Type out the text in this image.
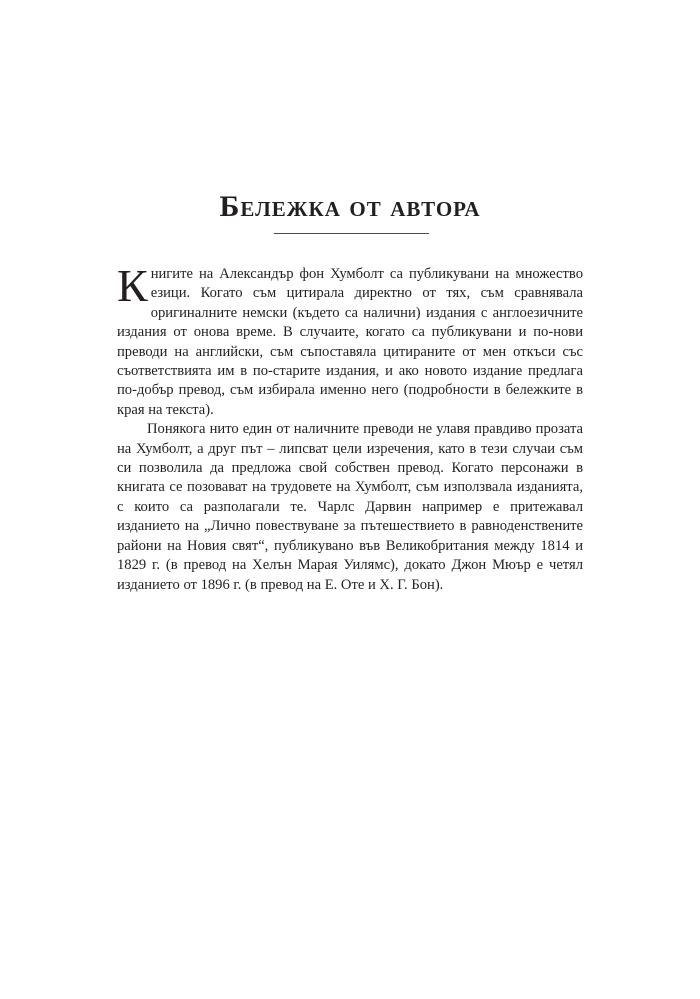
Бележка от автора

Книгите на Александър фон Хумболт са публикувани на множество езици. Когато съм цитирала директно от тях, съм сравнявала оригиналните немски (където са налични) издания с англоезичните издания от онова време. В случаите, когато са публикувани и по-нови преводи на английски, съм съпоставяла цитираните от мен откъси със съответствията им в по-старите издания, и ако новото издание предлага по-добър превод, съм избирала именно него (подробности в бележките в края на текста).

Понякога нито един от наличните преводи не улавя правдиво прозата на Хумболт, а друг път – липсват цели изречения, като в тези случаи съм си позволила да предложа свой собствен превод. Когато персонажи в книгата се позовават на трудовете на Хумболт, съм използвала изданията, с които са разполагали те. Чарлс Дарвин например е притежавал изданието на „Лично повествуване за пътешествието в равноденствените райони на Новия свят“, публикувано във Великобритания между 1814 и 1829 г. (в превод на Хелън Марая Уилямс), докато Джон Мюър е четял изданието от 1896 г. (в превод на Е. Оте и Х. Г. Бон).
